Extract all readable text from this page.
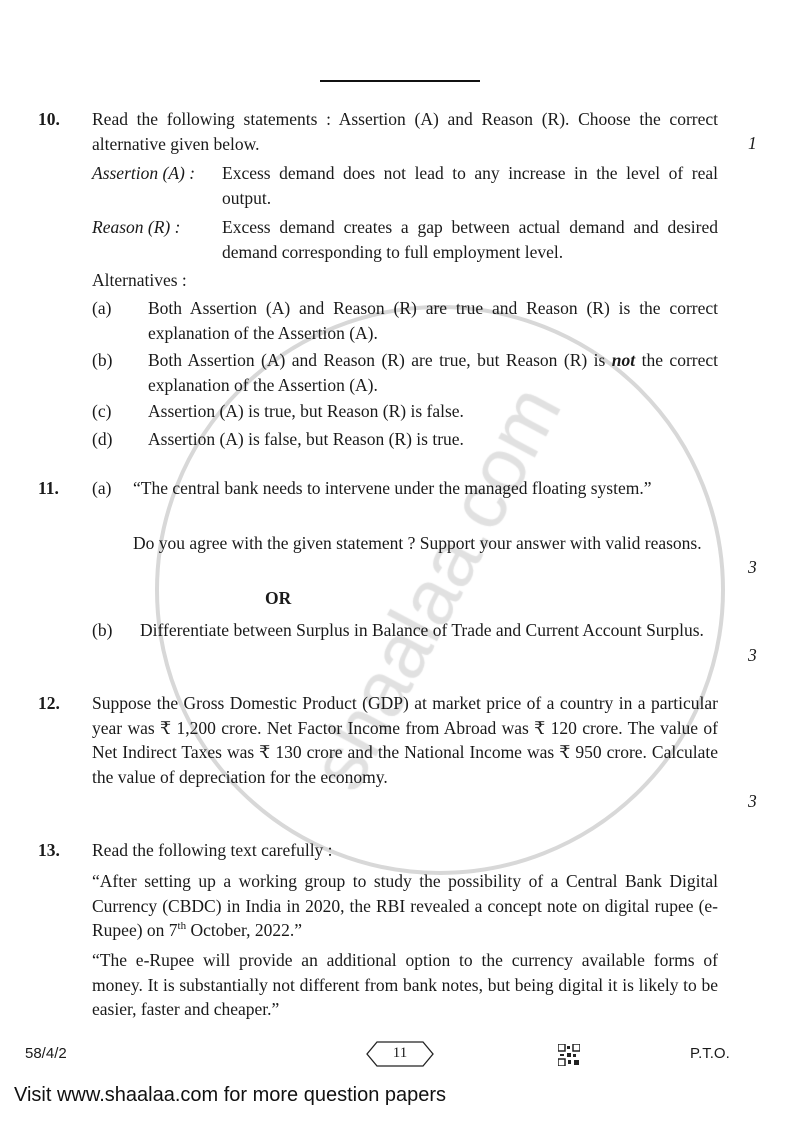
10. Read the following statements : Assertion (A) and Reason (R). Choose the correct alternative given below.	1
Assertion (A) : Excess demand does not lead to any increase in the level of real output.
Reason (R) : Excess demand creates a gap between actual demand and desired demand corresponding to full employment level.
Alternatives :
(a) Both Assertion (A) and Reason (R) are true and Reason (R) is the correct explanation of the Assertion (A).
(b) Both Assertion (A) and Reason (R) are true, but Reason (R) is not the correct explanation of the Assertion (A).
(c) Assertion (A) is true, but Reason (R) is false.
(d) Assertion (A) is false, but Reason (R) is true.
11. (a) “The central bank needs to intervene under the managed floating system.”
Do you agree with the given statement ? Support your answer with valid reasons.
3
OR
(b) Differentiate between Surplus in Balance of Trade and Current Account Surplus.
3
12. Suppose the Gross Domestic Product (GDP) at market price of a country in a particular year was ₹ 1,200 crore. Net Factor Income from Abroad was ₹ 120 crore. The value of Net Indirect Taxes was ₹ 130 crore and the National Income was ₹ 950 crore. Calculate the value of depreciation for the economy.
3
13. Read the following text carefully :
“After setting up a working group to study the possibility of a Central Bank Digital Currency (CBDC) in India in 2020, the RBI revealed a concept note on digital rupee (e-Rupee) on 7th October, 2022.”
“The e-Rupee will provide an additional option to the currency available forms of money. It is substantially not different from bank notes, but being digital it is likely to be easier, faster and cheaper.”
58/4/2	11	P.T.O.
Visit www.shaalaa.com for more question papers
